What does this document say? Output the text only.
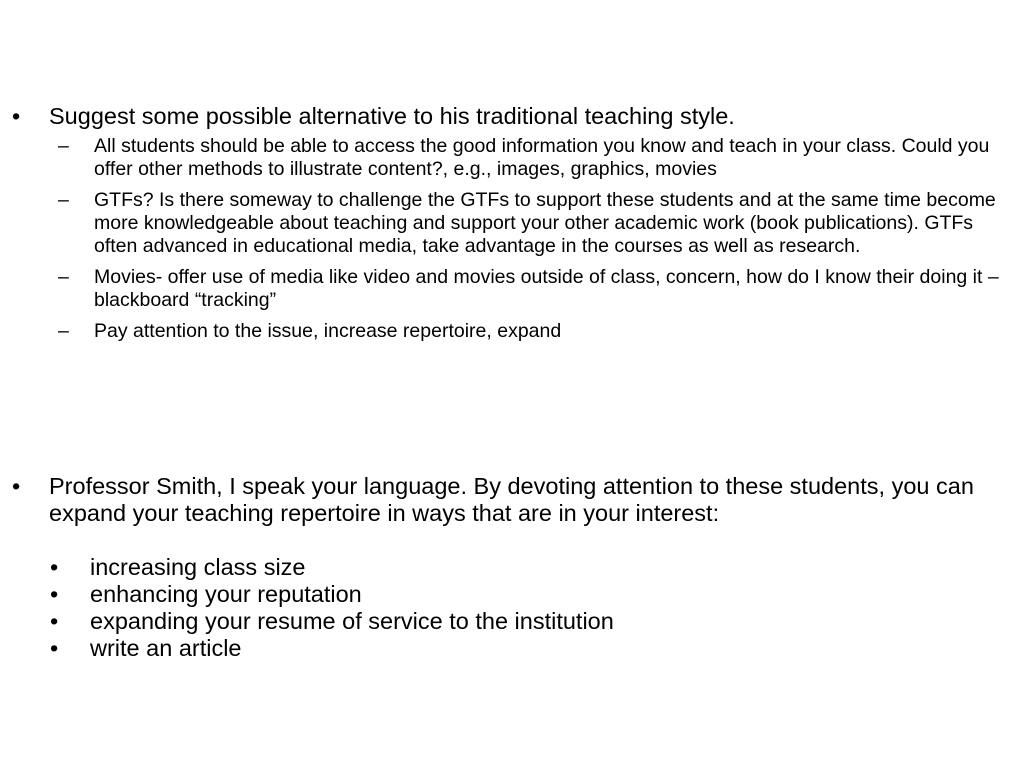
• Suggest some possible alternative to his traditional teaching style.
– All students should be able to access the good information you know and teach in your class. Could you offer other methods to illustrate content?, e.g., images, graphics, movies
– GTFs? Is there someway to challenge the GTFs to support these students and at the same time become more knowledgeable about teaching and support your other academic work (book publications). GTFs often advanced in educational media, take advantage in the courses as well as research.
– Movies- offer use of media like video and movies outside of class, concern, how do I know their doing it – blackboard “tracking”
– Pay attention to the issue, increase repertoire, expand
• Professor Smith, I speak your language. By devoting attention to these students, you can expand your teaching repertoire in ways that are in your interest:
• increasing class size
• enhancing your reputation
• expanding your resume of service to the institution
• write an article
